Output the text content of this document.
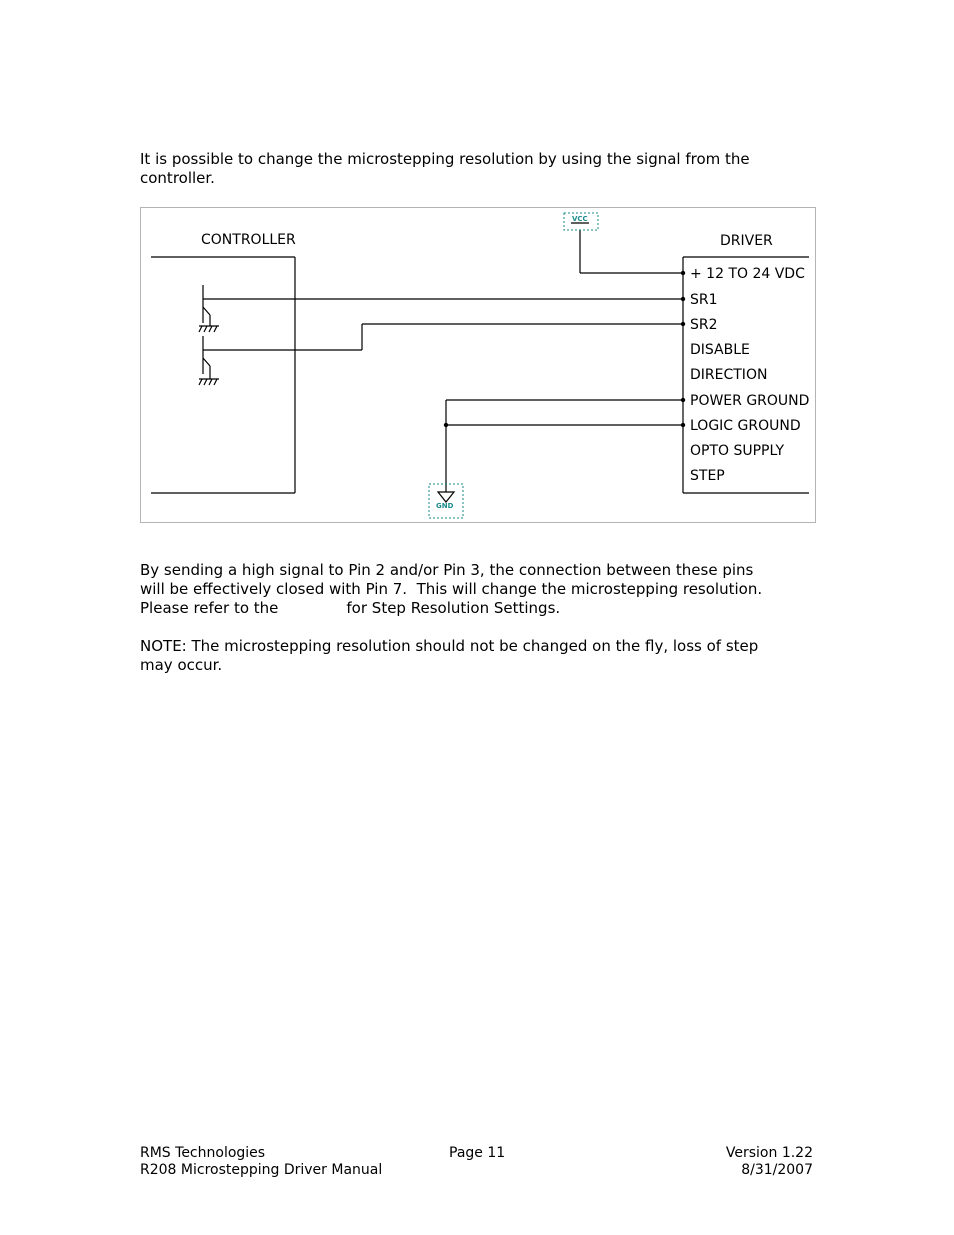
It is possible to change the microstepping resolution by using the signal from the
controller.
CONTROLLER
VCC
GND
DRIVER
+ 12 TO 24 VDC
SR1
SR2
DISABLE
DIRECTION
POWER GROUND
LOGIC GROUND
OPTO SUPPLY
STEP
By sending a high signal to Pin 2 and/or Pin 3, the connection between these pins
will be effectively closed with Pin 7.  This will change the microstepping resolution.
Please refer to the	for Step Resolution Settings.
NOTE: The microstepping resolution should not be changed on the fly, loss of step
may occur.
RMS Technologies
R208 Microstepping Driver Manual
Page 11	Version 1.22
8/31/2007
